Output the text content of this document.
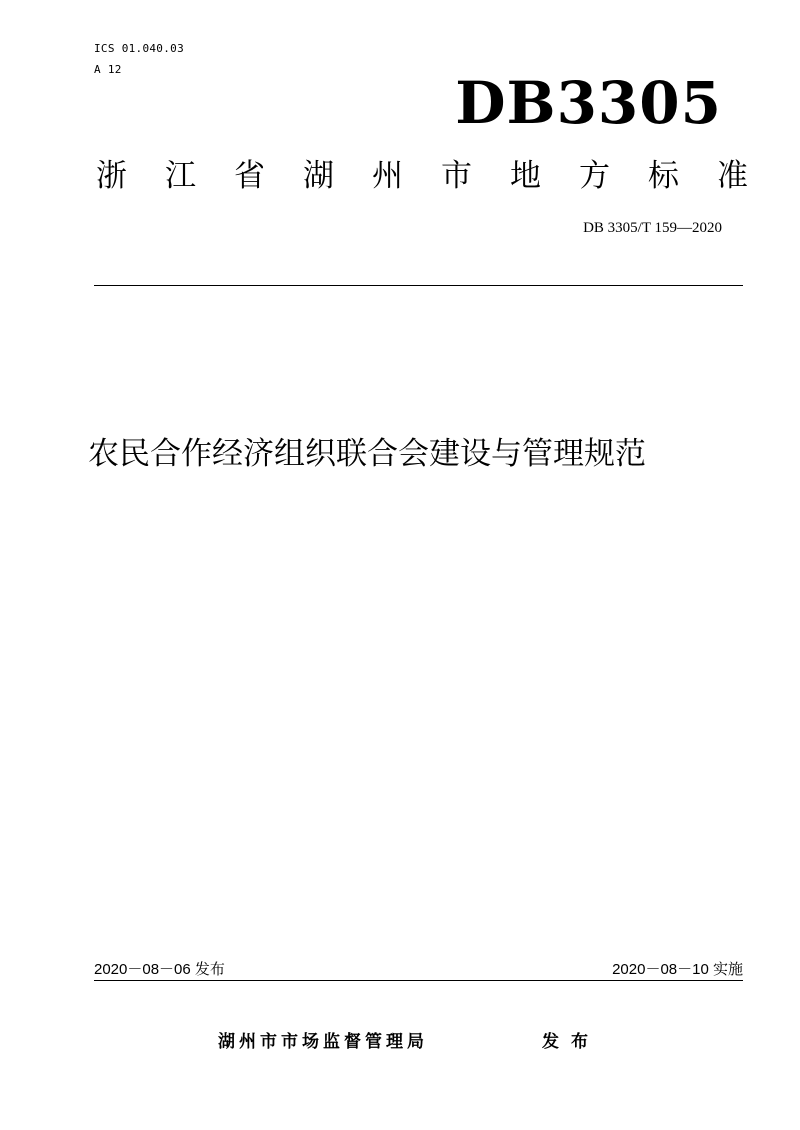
ICS 01.040.03
A 12	DB3305
浙 江 省 湖 州 市 地 方 标 准
DB 3305/T 159—2020
农民合作经济组织联合会建设与管理规范
2020－08－06 发布	2020－08－10 实施
湖州市市场监督管理局	发布
